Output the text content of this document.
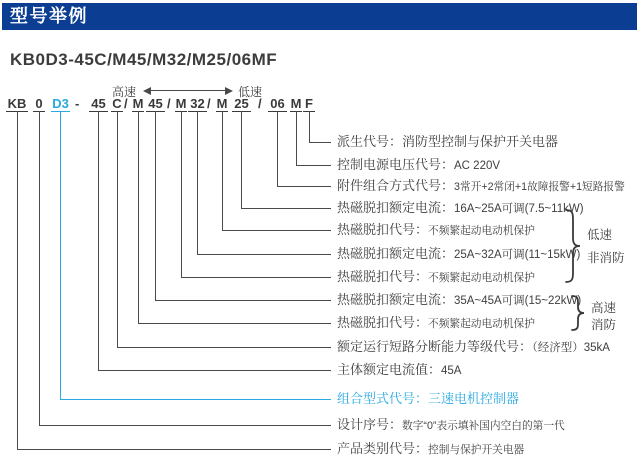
型号举例
KB0D3-45C/M45/M32/M25/06MF
高速	低速
KB 0 D3 45 C M 45 M 32 M 25 06 M F
-	/	/	/	/
派生代号：消防型控制与保护开关电器
控制电源电压代号：AC 220V
附件组合方式代号：3常开+2常闭+1故障报警+1短路报警
热磁脱扣额定电流：16A~25A可调(7.5~11kW)
热磁脱扣代号：不频繁起动电动机保护
热磁脱扣额定电流：25A~32A可调(11~15kW)
热磁脱扣代号：不频繁起动电动机保护
热磁脱扣额定电流：35A~45A可调(15~22kW)
热磁脱扣代号：不频繁起动电动机保护
额定运行短路分断能力等级代号：（经济型）35kA
主体额定电流值：45A
组合型式代号：三速电机控制器
设计序号：数字“0”表示填补国内空白的第一代
产品类别代号：控制与保护开关电器
低速
非消防
高速
消防
